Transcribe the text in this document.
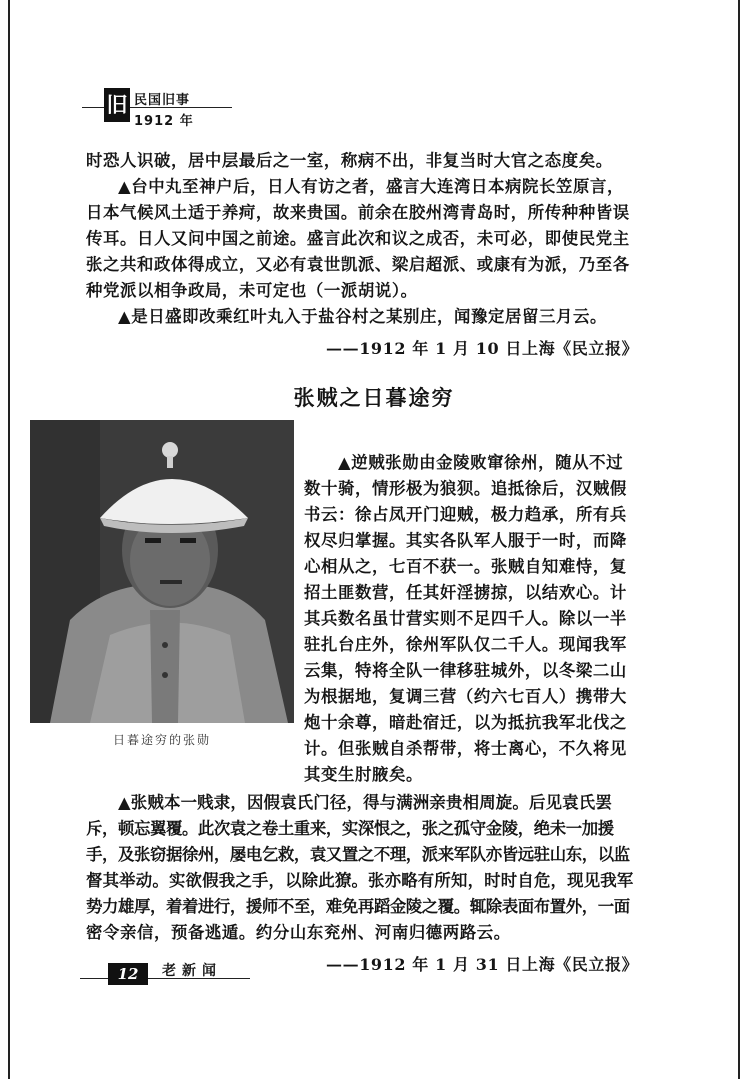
旧 民国旧事
1912 年
时恐人识破，居中层最后之一室，称病不出，非复当时大官之态度矣。
▲台中丸至神户后，日人有访之者，盛言大连湾日本病院长笠原言，
日本气候风土适于养疴，故来贵国。前余在胶州湾青岛时，所传种种皆误
传耳。日人又问中国之前途。盛言此次和议之成否，未可必，即使民党主
张之共和政体得成立，又必有袁世凯派、梁启超派、或康有为派，乃至各
种党派以相争政局，未可定也（一派胡说）。
▲是日盛即改乘红叶丸入于盐谷村之某别庄，闻豫定居留三月云。
——1912 年 1 月 10 日上海《民立报》
张贼之日暮途穷
日暮途穷的张勋
▲逆贼张勋由金陵败窜徐州，随从不过
数十骑，情形极为狼狈。追抵徐后，汉贼假
书云：徐占凤开门迎贼，极力趋承，所有兵
权尽归掌握。其实各队军人服于一时，而降
心相从之，七百不获一。张贼自知难恃，复
招土匪数营，任其奸淫掳掠，以结欢心。计
其兵数名虽廿营实则不足四千人。除以一半
驻扎台庄外，徐州军队仅二千人。现闻我军
云集，特将全队一律移驻城外，以冬梁二山
为根据地，复调三营（约六七百人）携带大
炮十余尊，暗赴宿迁，以为抵抗我军北伐之
计。但张贼自杀帮带，将士离心，不久将见
其变生肘腋矣。
▲张贼本一贱隶，因假袁氏门径，得与满洲亲贵相周旋。后见袁氏罢
斥，顿忘翼覆。此次袁之卷土重来，实深恨之，张之孤守金陵，绝未一加援
手，及张窃据徐州，屡电乞救，袁又置之不理，派来军队亦皆远驻山东，以监
督其举动。实欲假我之手，以除此獠。张亦略有所知，时时自危，现见我军
势力雄厚，着着进行，援师不至，难免再蹈金陵之覆。辄除表面布置外，一面
密令亲信，预备逃遁。约分山东兖州、河南归德两路云。
——1912 年 1 月 31 日上海《民立报》
12	老新闻
